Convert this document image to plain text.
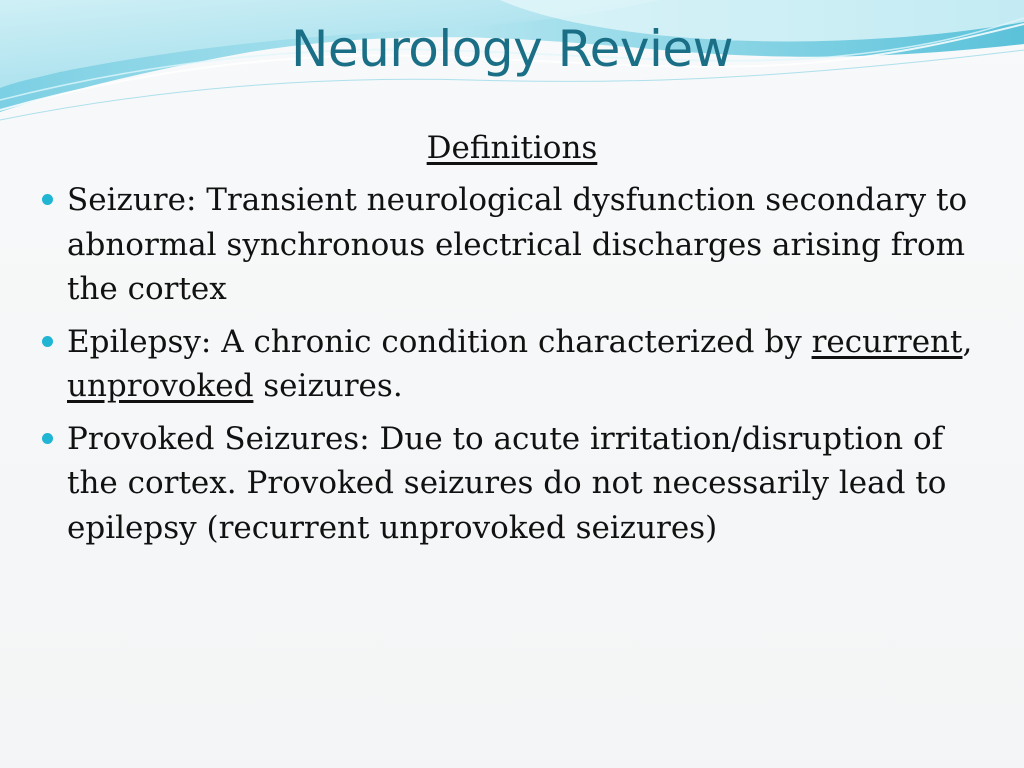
Neurology Review
Definitions
Seizure: Transient neurological dysfunction secondary to abnormal synchronous electrical discharges arising from the cortex
Epilepsy: A chronic condition characterized by recurrent, unprovoked seizures.
Provoked Seizures: Due to acute irritation/disruption of the cortex. Provoked seizures do not necessarily lead to epilepsy (recurrent unprovoked seizures)
